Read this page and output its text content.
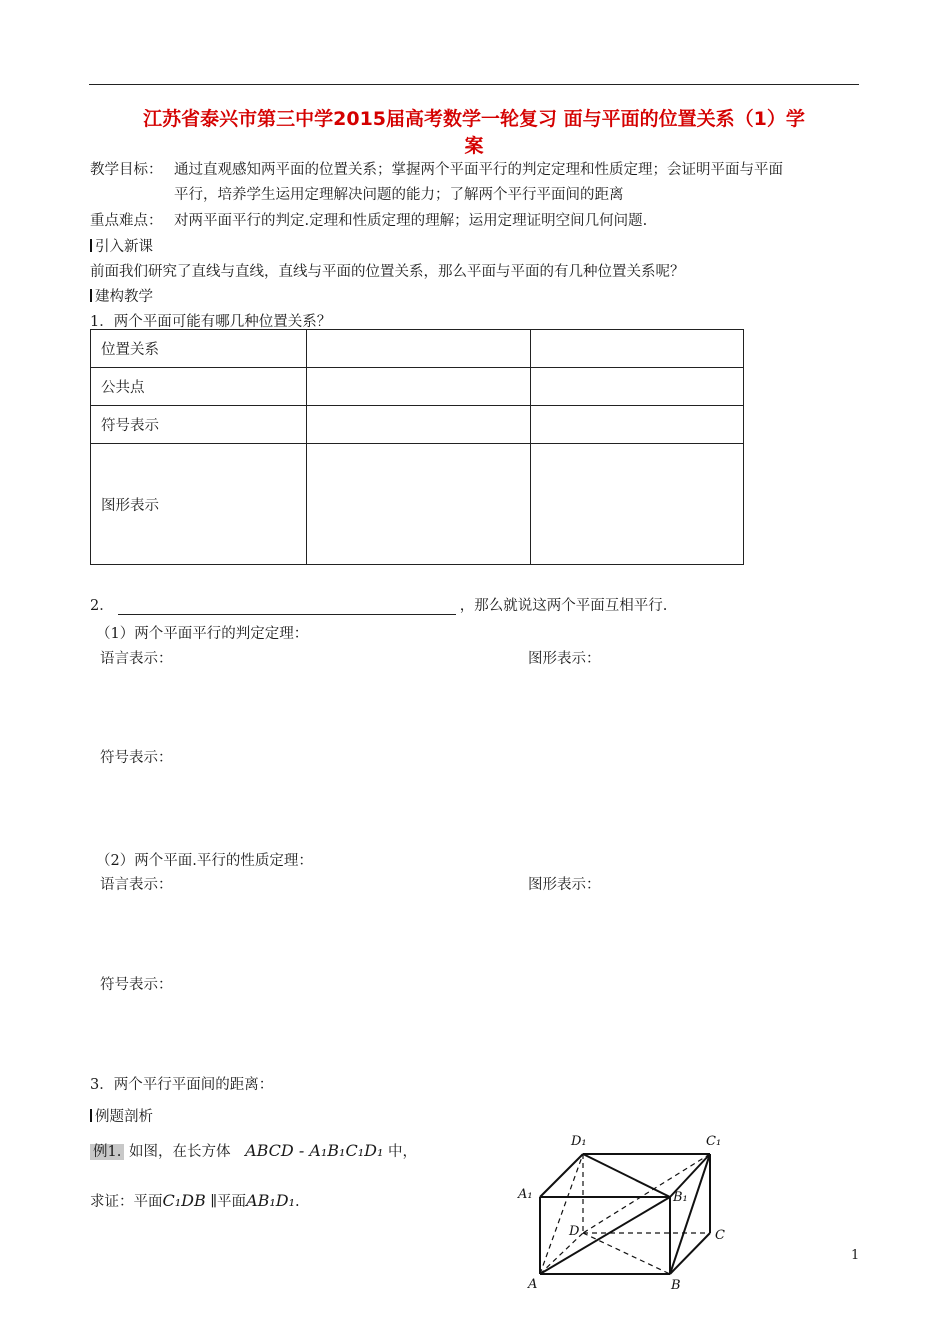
江苏省泰兴市第三中学2015届高考数学一轮复习 面与平面的位置关系（1）学
案
教学目标： 通过直观感知两平面的位置关系；掌握两个平面平行的判定定理和性质定理；会证明平面与平面
平行，培养学生运用定理解决问题的能力；了解两个平行平面间的距离
重点难点： 对两平面平行的判定.定理和性质定理的理解；运用定理证明空间几何问题.
引入新课
前面我们研究了直线与直线，直线与平面的位置关系，那么平面与平面的有几种位置关系呢？
建构教学
1．两个平面可能有哪几种位置关系？
位置关系		
公共点		
符号表示		
图形表示		
2．	，那么就说这两个平面互相平行.
（1）两个平面平行的判定定理：
语言表示：	图形表示：
符号表示：
（2）两个平面.平行的性质定理：
语言表示：	图形表示：
符号表示：
3．两个平行平面间的距离：
例题剖析
例1. 如图，在长方体 ABCD - A₁B₁C₁D₁ 中，
求证：平面C₁DB ∥平面AB₁D₁.
D₁	C₁
A₁	B₁
D	C
A	B
1
